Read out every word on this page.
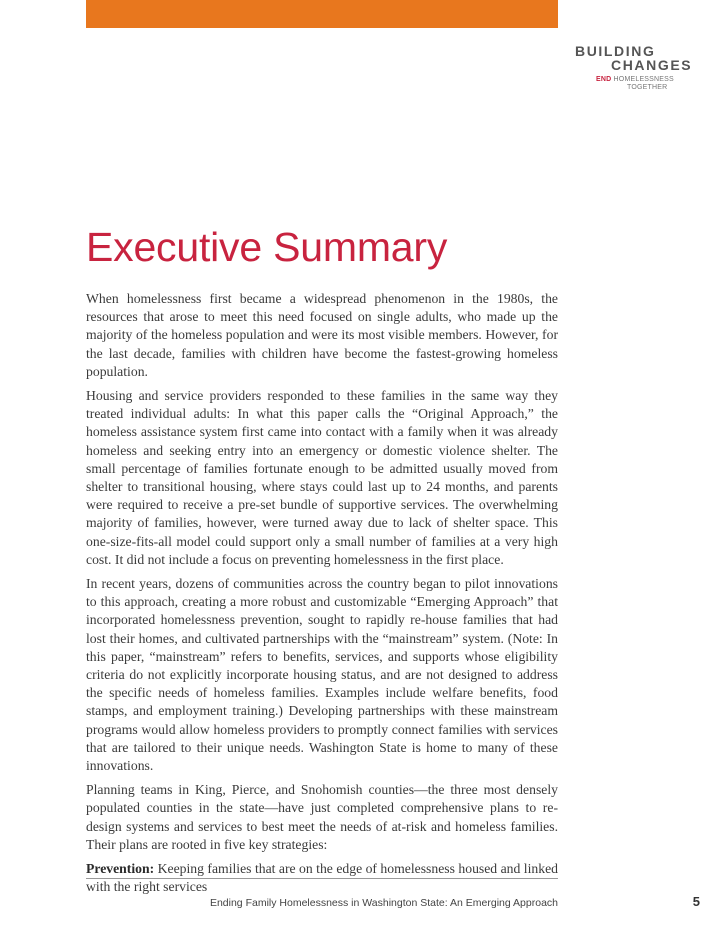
BUILDING
CHANGES
END HOMELESSNESS
TOGETHER
Executive Summary

When homelessness first became a widespread phenomenon in the 1980s, the resources that arose to meet this need focused on single adults, who made up the majority of the homeless population and were its most visible members. However, for the last decade, families with children have become the fastest-growing homeless population.

Housing and service providers responded to these families in the same way they treated individual adults: In what this paper calls the “Original Approach,” the homeless assistance system first came into contact with a family when it was already homeless and seeking entry into an emergency or domestic violence shelter. The small percentage of families fortunate enough to be admitted usually moved from shelter to transitional housing, where stays could last up to 24 months, and parents were required to receive a pre-set bundle of supportive services. The overwhelming majority of families, however, were turned away due to lack of shelter space. This one-size-fits-all model could support only a small number of families at a very high cost. It did not include a focus on preventing homelessness in the first place.

In recent years, dozens of communities across the country began to pilot innovations to this approach, creating a more robust and customizable “Emerging Approach” that incorporated homelessness prevention, sought to rapidly re-house families that had lost their homes, and cultivated partnerships with the “mainstream” system. (Note: In this paper, “mainstream” refers to benefits, services, and supports whose eligibility criteria do not explicitly incorporate housing status, and are not designed to address the specific needs of homeless families. Examples include welfare benefits, food stamps, and employment training.) Developing partnerships with these mainstream programs would allow homeless providers to promptly connect families with services that are tailored to their unique needs. Washington State is home to many of these innovations.

Planning teams in King, Pierce, and Snohomish counties—the three most densely populated counties in the state—have just completed comprehensive plans to re-design systems and services to best meet the needs of at-risk and homeless families. Their plans are rooted in five key strategies:

Prevention: Keeping families that are on the edge of homelessness housed and linked with the right services

Ending Family Homelessness in Washington State: An Emerging Approach	5
